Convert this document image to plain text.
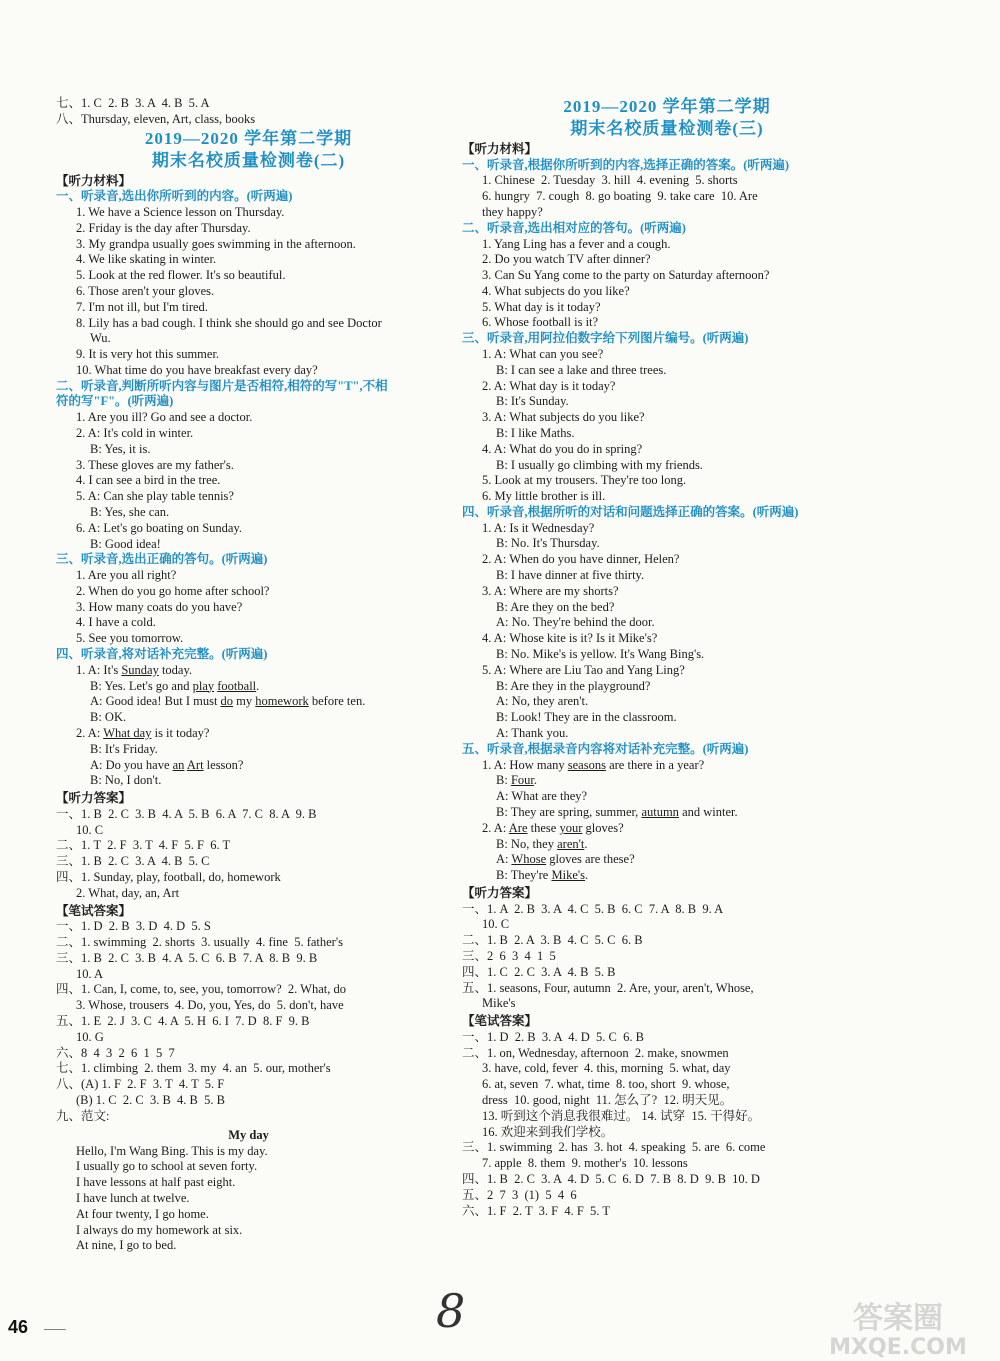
七、1. C  2. B  3. A  4. B  5. A
八、Thursday, eleven, Art, class, books
2019—2020 学年第二学期
期末名校质量检测卷(二)
【听力材料】
一、听录音,选出你所听到的内容。(听两遍)
1. We have a Science lesson on Thursday.
2. Friday is the day after Thursday.
3. My grandpa usually goes swimming in the afternoon.
4. We like skating in winter.
5. Look at the red flower. It's so beautiful.
6. Those aren't your gloves.
7. I'm not ill, but I'm tired.
8. Lily has a bad cough. I think she should go and see Doctor
Wu.
9. It is very hot this summer.
10. What time do you have breakfast every day?
二、听录音,判断所听内容与图片是否相符,相符的写"T",不相
符的写"F"。(听两遍)
1. Are you ill? Go and see a doctor.
2. A: It's cold in winter.
B: Yes, it is.
3. These gloves are my father's.
4. I can see a bird in the tree.
5. A: Can she play table tennis?
B: Yes, she can.
6. A: Let's go boating on Sunday.
B: Good idea!
三、听录音,选出正确的答句。(听两遍)
1. Are you all right?
2. When do you go home after school?
3. How many coats do you have?
4. I have a cold.
5. See you tomorrow.
四、听录音,将对话补充完整。(听两遍)
1. A: It's Sunday today.
B: Yes. Let's go and play football.
A: Good idea! But I must do my homework before ten.
B: OK.
2. A: What day is it today?
B: It's Friday.
A: Do you have an Art lesson?
B: No, I don't.
【听力答案】
一、1. B  2. C  3. B  4. A  5. B  6. A  7. C  8. A  9. B
10. C
二、1. T  2. F  3. T  4. F  5. F  6. T
三、1. B  2. C  3. A  4. B  5. C
四、1. Sunday, play, football, do, homework
2. What, day, an, Art
【笔试答案】
一、1. D  2. B  3. D  4. D  5. S
二、1. swimming  2. shorts  3. usually  4. fine  5. father's
三、1. B  2. C  3. B  4. A  5. C  6. B  7. A  8. B  9. B
10. A
四、1. Can, I, come, to, see, you, tomorrow?  2. What, do
3. Whose, trousers  4. Do, you, Yes, do  5. don't, have
五、1. E  2. J  3. C  4. A  5. H  6. I  7. D  8. F  9. B
10. G
六、8  4  3  2  6  1  5  7
七、1. climbing  2. them  3. my  4. an  5. our, mother's
八、(A) 1. F  2. F  3. T  4. T  5. F
(B) 1. C  2. C  3. B  4. B  5. B
九、范文:
My day
Hello, I'm Wang Bing. This is my day.
I usually go to school at seven forty.
I have lessons at half past eight.
I have lunch at twelve.
At four twenty, I go home.
I always do my homework at six.
At nine, I go to bed.
2019—2020 学年第二学期
期末名校质量检测卷(三)
【听力材料】
一、听录音,根据你所听到的内容,选择正确的答案。(听两遍)
1. Chinese  2. Tuesday  3. hill  4. evening  5. shorts
6. hungry  7. cough  8. go boating  9. take care  10. Are
they happy?
二、听录音,选出相对应的答句。(听两遍)
1. Yang Ling has a fever and a cough.
2. Do you watch TV after dinner?
3. Can Su Yang come to the party on Saturday afternoon?
4. What subjects do you like?
5. What day is it today?
6. Whose football is it?
三、听录音,用阿拉伯数字给下列图片编号。(听两遍)
1. A: What can you see?
B: I can see a lake and three trees.
2. A: What day is it today?
B: It's Sunday.
3. A: What subjects do you like?
B: I like Maths.
4. A: What do you do in spring?
B: I usually go climbing with my friends.
5. Look at my trousers. They're too long.
6. My little brother is ill.
四、听录音,根据所听的对话和问题选择正确的答案。(听两遍)
1. A: Is it Wednesday?
B: No. It's Thursday.
2. A: When do you have dinner, Helen?
B: I have dinner at five thirty.
3. A: Where are my shorts?
B: Are they on the bed?
A: No. They're behind the door.
4. A: Whose kite is it? Is it Mike's?
B: No. Mike's is yellow. It's Wang Bing's.
5. A: Where are Liu Tao and Yang Ling?
B: Are they in the playground?
A: No, they aren't.
B: Look! They are in the classroom.
A: Thank you.
五、听录音,根据录音内容将对话补充完整。(听两遍)
1. A: How many seasons are there in a year?
B: Four.
A: What are they?
B: They are spring, summer, autumn and winter.
2. A: Are these your gloves?
B: No, they aren't.
A: Whose gloves are these?
B: They're Mike's.
【听力答案】
一、1. A  2. B  3. A  4. C  5. B  6. C  7. A  8. B  9. A
10. C
二、1. B  2. A  3. B  4. C  5. C  6. B
三、2  6  3  4  1  5
四、1. C  2. C  3. A  4. B  5. B
五、1. seasons, Four, autumn  2. Are, your, aren't, Whose,
Mike's
【笔试答案】
一、1. D  2. B  3. A  4. D  5. C  6. B
二、1. on, Wednesday, afternoon  2. make, snowmen
3. have, cold, fever  4. this, morning  5. what, day
6. at, seven  7. what, time  8. too, short  9. whose,
dress  10. good, night  11. 怎么了?  12. 明天见。
13. 听到这个消息我很难过。 14. 试穿  15. 干得好。
16. 欢迎来到我们学校。
三、1. swimming  2. has  3. hot  4. speaking  5. are  6. come
7. apple  8. them  9. mother's  10. lessons
四、1. B  2. C  3. A  4. D  5. C  6. D  7. B  8. D  9. B  10. D
五、2  7  3  (1)  5  4  6
六、1. F  2. T  3. F  4. F  5. T
46 —–	8	答案圈
MXQE.COM
